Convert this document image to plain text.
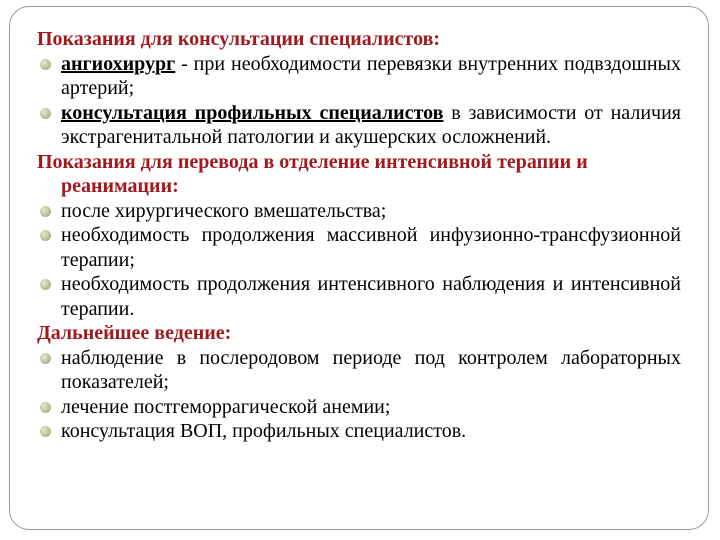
Показания для консультации специалистов:

ангиохирург - при необходимости перевязки внутренних подвздошных артерий;

консультация профильных специалистов в зависимости от наличия экстрагенитальной патологии и акушерских осложнений.

Показания для перевода в отделение интенсивной терапии и реанимации:

после хирургического вмешательства;

необходимость продолжения массивной инфузионно-трансфузионной терапии;

необходимость продолжения интенсивного наблюдения и интенсивной терапии.

Дальнейшее ведение:

наблюдение в послеродовом периоде под контролем лабораторных показателей;

лечение постгеморрагической анемии;

консультация ВОП, профильных специалистов.
